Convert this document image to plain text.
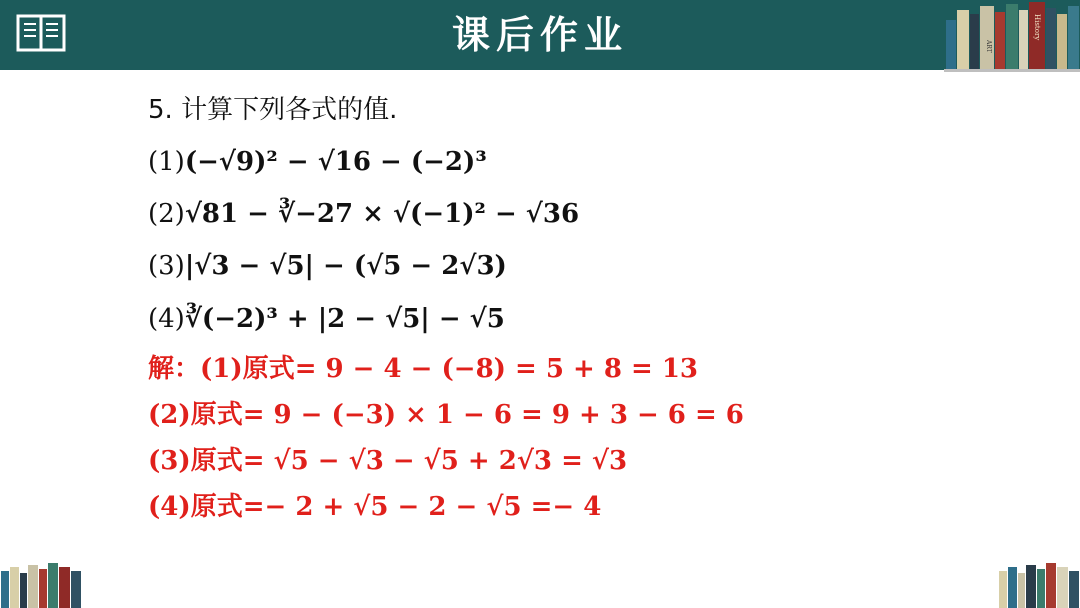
课后作业	ART
History
5. 计算下列各式的值.
(1)(−√9)² − √16 − (−2)³
(2)√81 − ∛−27 × √(−1)² − √36
(3)|√3 − √5| − (√5 − 2√3)
(4)∛(−2)³ + |2 − √5| − √5
解：(1)原式= 9 − 4 − (−8) = 5 + 8 = 13
(2)原式= 9 − (−3) × 1 − 6 = 9 + 3 − 6 = 6
(3)原式= √5 − √3 − √5 + 2√3 = √3
(4)原式=− 2 + √5 − 2 − √5 =− 4
